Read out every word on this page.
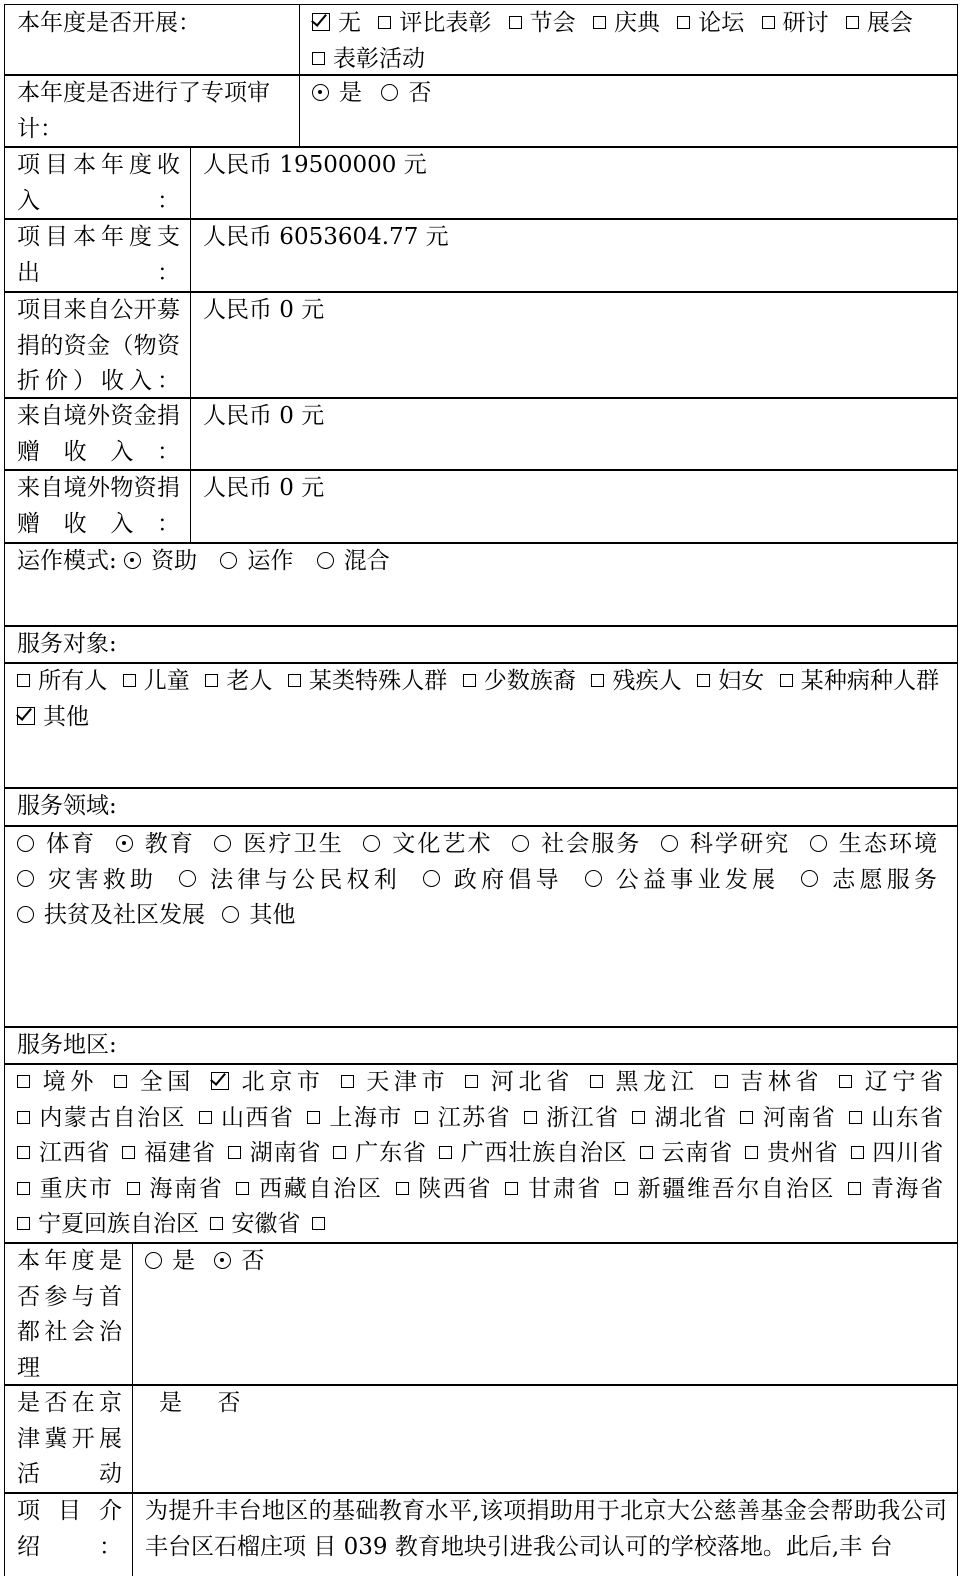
本年度是否开展：	无 评比表彰 节会 庆典 论坛 研讨 展会 表彰活动
本年度是否进行了专项审计：
是 否
项目本年度收入：
人民币 19500000 元
项目本年度支出：
人民币 6053604.77 元
项目来自公开募捐的资金（物资折价）收入：
人民币 0 元
来自境外资金捐赠收入：
人民币 0 元
来自境外物资捐赠收入：
人民币 0 元
运作模式: 资助 运作 混合
服务对象:
所有人 儿童 老人 某类特殊人群 少数族裔 残疾人 妇女 某种病种人群 其他
服务领域:
体育 教育 医疗卫生 文化艺术 社会服务 科学研究 生态环境 灾害救助 法律与公民权利 政府倡导 公益事业发展 志愿服务 扶贫及社区发展 其他
服务地区:
境外 全国 北京市 天津市 河北省 黑龙江 吉林省 辽宁省 内蒙古自治区 山西省 上海市 江苏省 浙江省 湖北省 河南省 山东省 江西省 福建省 湖南省 广东省 广西壮族自治区 云南省 贵州省 四川省 重庆市 海南省 西藏自治区 陕西省 甘肃省 新疆维吾尔自治区 青海省 宁夏回族自治区 安徽省
本年度是否参与首都社会治理
是 否
是否在京津冀开展活动
是 否
项目介绍：
为提升丰台地区的基础教育水平,该项捐助用于北京大公慈善基金会帮助我公司丰台区石榴庄项 目 039 教育地块引进我公司认可的学校落地。此后,丰 台
